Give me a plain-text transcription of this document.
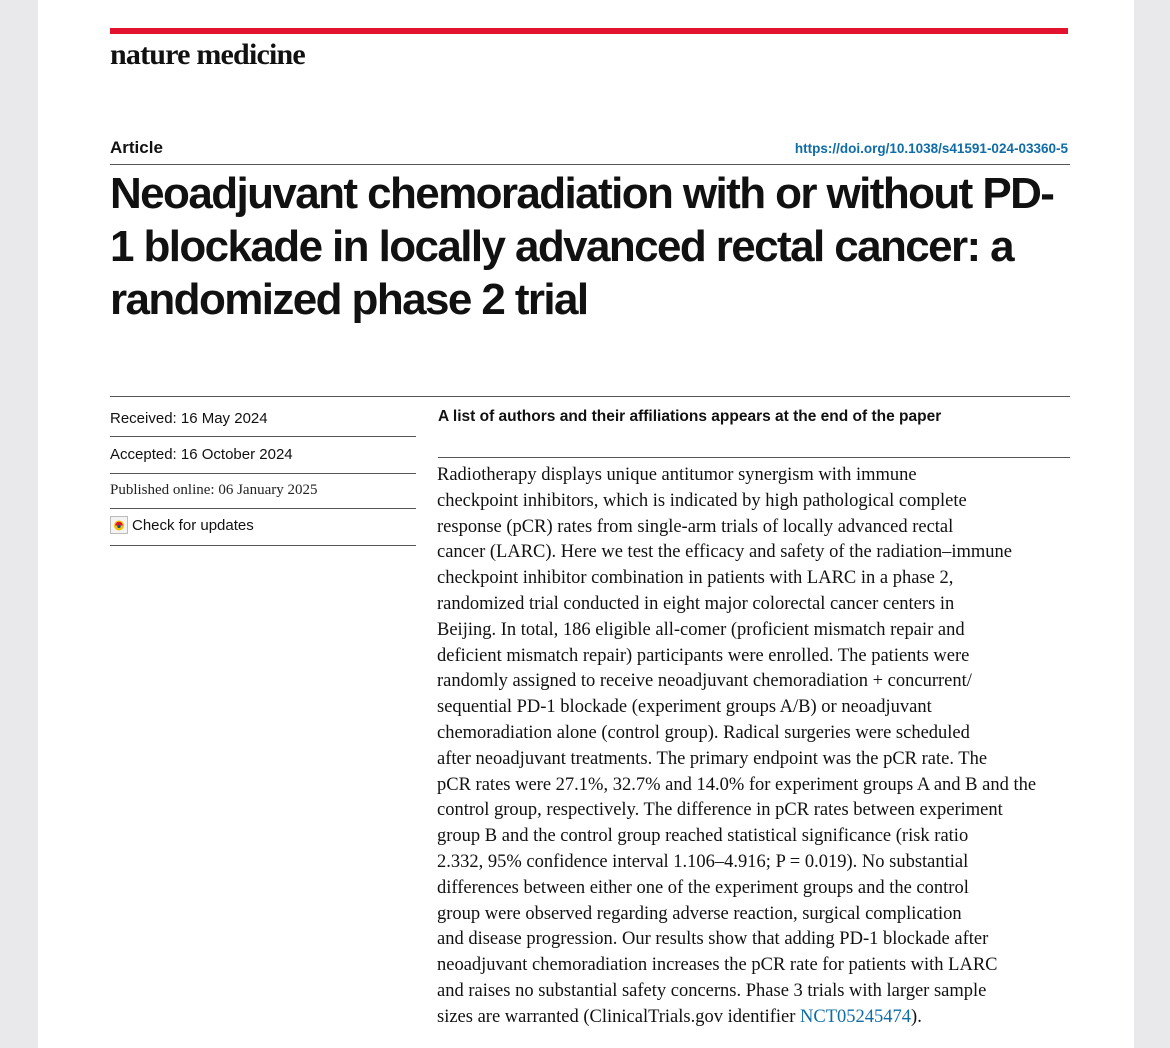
nature medicine
Article	https://doi.org/10.1038/s41591-024-03360-5
Neoadjuvant chemoradiation with or without PD-1 blockade in locally advanced rectal cancer: a randomized phase 2 trial
Received: 16 May 2024
Accepted: 16 October 2024
Published online: 06 January 2025
Check for updates
A list of authors and their affiliations appears at the end of the paper

Radiotherapy displays unique antitumor synergism with immune

checkpoint inhibitors, which is indicated by high pathological complete

response (pCR) rates from single-arm trials of locally advanced rectal

cancer (LARC). Here we test the efficacy and safety of the radiation–immune

checkpoint inhibitor combination in patients with LARC in a phase 2,

randomized trial conducted in eight major colorectal cancer centers in

Beijing. In total, 186 eligible all-comer (proficient mismatch repair and

deficient mismatch repair) participants were enrolled. The patients were

randomly assigned to receive neoadjuvant chemoradiation + concurrent/

sequential PD-1 blockade (experiment groups A/B) or neoadjuvant

chemoradiation alone (control group). Radical surgeries were scheduled

after neoadjuvant treatments. The primary endpoint was the pCR rate. The

pCR rates were 27.1%, 32.7% and 14.0% for experiment groups A and B and the

control group, respectively. The difference in pCR rates between experiment

group B and the control group reached statistical significance (risk ratio

2.332, 95% confidence interval 1.106–4.916; P = 0.019). No substantial

differences between either one of the experiment groups and the control

group were observed regarding adverse reaction, surgical complication

and disease progression. Our results show that adding PD-1 blockade after

neoadjuvant chemoradiation increases the pCR rate for patients with LARC

and raises no substantial safety concerns. Phase 3 trials with larger sample

sizes are warranted (ClinicalTrials.gov identifier NCT05245474).
